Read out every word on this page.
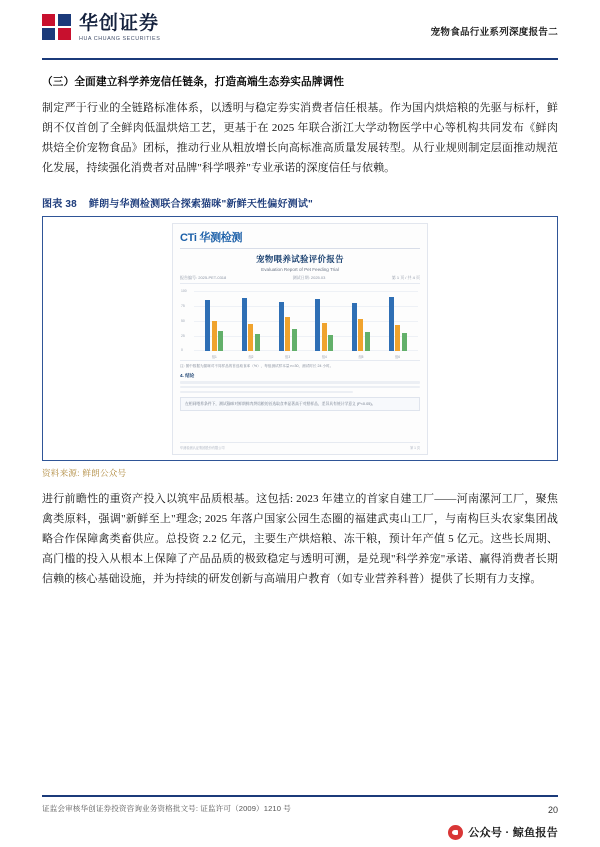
华创证券
HUA CHUANG SECURITIES
宠物食品行业系列深度报告二
（三）全面建立科学养宠信任链条，打造高端生态券实品牌调性

制定严于行业的全链路标准体系，以透明与稳定券实消费者信任根基。作为国内烘焙粮的先驱与标杆，鲜朗不仅首创了全鲜肉低温烘焙工艺，更基于在 2025 年联合浙江大学动物医学中心等机构共同发布《鲜肉烘焙全价宠物食品》团标，推动行业从粗放增长向高标准高质量发展转型。从行业规则制定层面推动规范化发展，持续强化消费者对品牌"科学喂养"专业承诺的深度信任与依赖。

图表 38 鲜朗与华测检测联合探索猫咪"新鲜天性偏好测试"
CTi 华测检测
宠物喂养试验评价报告
Evaluation Report of Pet Feeding Trial
报告编号: 2025-PET-0318	测试日期: 2025.03	第 1 页 / 共 4 页
100
75
50
25
0
组1	组2	组3	组4	组5	组6
注: 图中数据为猫咪对不同样品的首选取食率（%），每组测试样本量 n=30，测试时长 24 小时。
4. 结论
在相同喂养条件下，测试猫咪对鲜朗鲜肉烘焙粮的首选取食率显著高于对照样品，差异具有统计学意义 (P<0.05)。
华测检测认证集团股份有限公司	第 1 页
资料来源: 鲜朗公众号

进行前瞻性的重资产投入以筑牢品质根基。这包括: 2023 年建立的首家自建工厂——河南漯河工厂，聚焦禽类原料，强调"新鲜至上"理念; 2025 年落户国家公园生态圈的福建武夷山工厂，与南构巨头农家集团战略合作保障禽类畜供应。总投资 2.2 亿元，主要生产烘焙粮、冻干粮，预计年产值 5 亿元。这些长周期、高门槛的投入从根本上保障了产品品质的极致稳定与透明可溯，是兑现"科学养宠"承诺、赢得消费者长期信赖的核心基础设施，并为持续的研发创新与高端用户教育（如专业营养科普）提供了长期有力支撑。

证监会审核华创证券投资咨询业务资格批文号: 证监许可（2009）1210 号	20
公众号 · 鲸鱼报告
